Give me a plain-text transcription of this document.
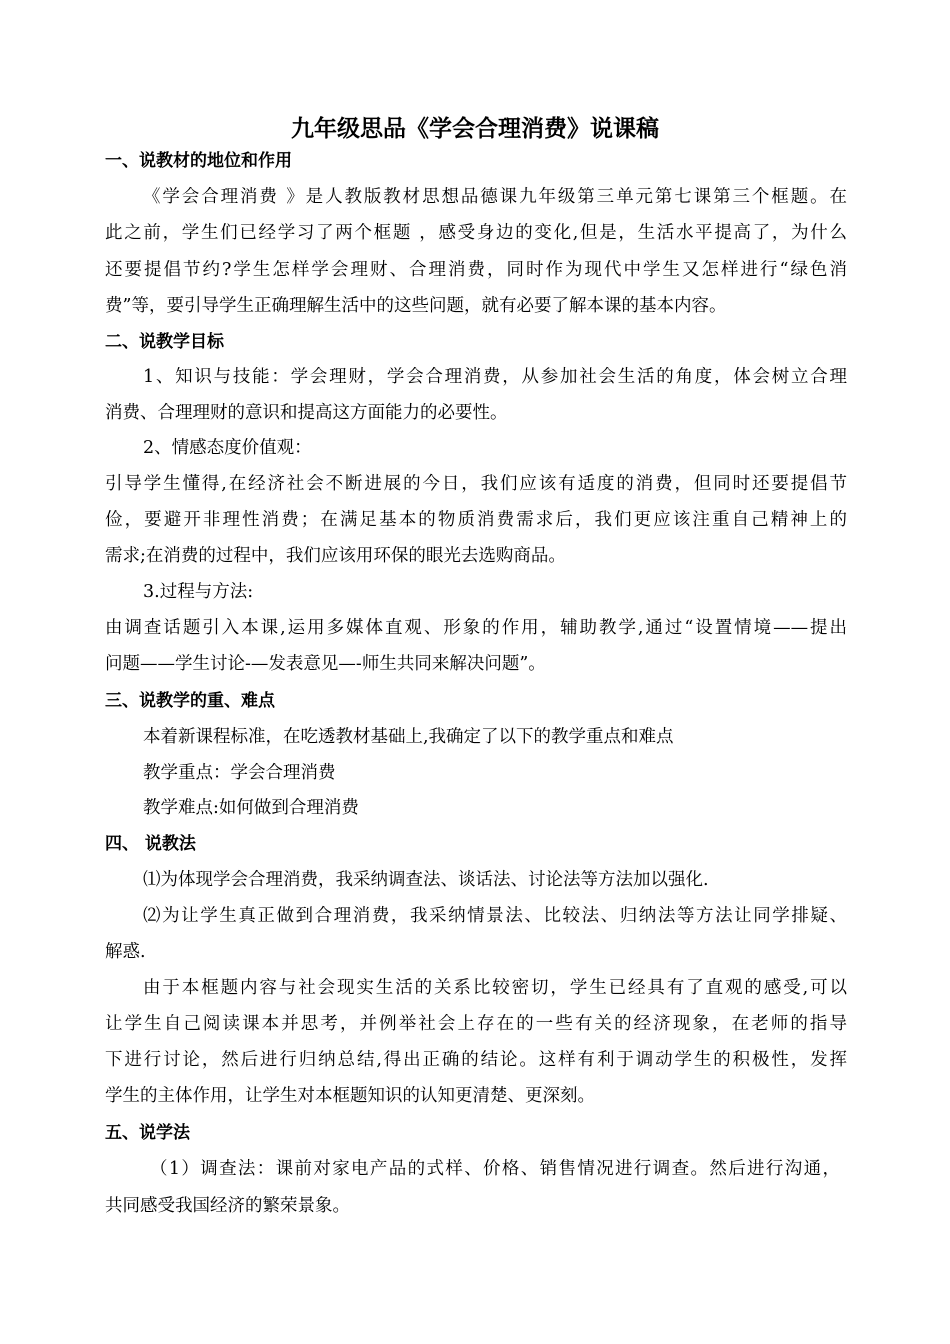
九年级思品《学会合理消费》说课稿
一、说教材的地位和作用
《学会合理消费 》是人教版教材思想品德课九年级第三单元第七课第三个框题。在
此之前，学生们已经学习了两个框题 ，感受身边的变化,但是，生活水平提高了，为什么
还要提倡节约?学生怎样学会理财、合理消费，同时作为现代中学生又怎样进行“绿色消
费”等，要引导学生正确理解生活中的这些问题，就有必要了解本课的基本内容。
二、说教学目标
1、知识与技能：学会理财，学会合理消费，从参加社会生活的角度，体会树立合理
消费、合理理财的意识和提高这方面能力的必要性。
2、情感态度价值观：
引导学生懂得,在经济社会不断进展的今日，我们应该有适度的消费，但同时还要提倡节
俭，要避开非理性消费；在满足基本的物质消费需求后，我们更应该注重自己精神上的
需求;在消费的过程中，我们应该用环保的眼光去选购商品。
3.过程与方法:
由调查话题引入本课,运用多媒体直观、形象的作用，辅助教学,通过“设置情境——提出
问题——学生讨论-—发表意见—-师生共同来解决问题”。
三、说教学的重、难点
本着新课程标准，在吃透教材基础上,我确定了以下的教学重点和难点
教学重点：学会合理消费
教学难点:如何做到合理消费
四、 说教法
⑴为体现学会合理消费，我采纳调查法、谈话法、讨论法等方法加以强化.
⑵为让学生真正做到合理消费，我采纳情景法、比较法、归纳法等方法让同学排疑、
解惑.
由于本框题内容与社会现实生活的关系比较密切，学生已经具有了直观的感受,可以
让学生自己阅读课本并思考，并例举社会上存在的一些有关的经济现象，在老师的指导
下进行讨论，然后进行归纳总结,得出正确的结论。这样有利于调动学生的积极性，发挥
学生的主体作用，让学生对本框题知识的认知更清楚、更深刻。
五、说学法
（1）调查法：课前对家电产品的式样、价格、销售情况进行调查。然后进行沟通，
共同感受我国经济的繁荣景象。
